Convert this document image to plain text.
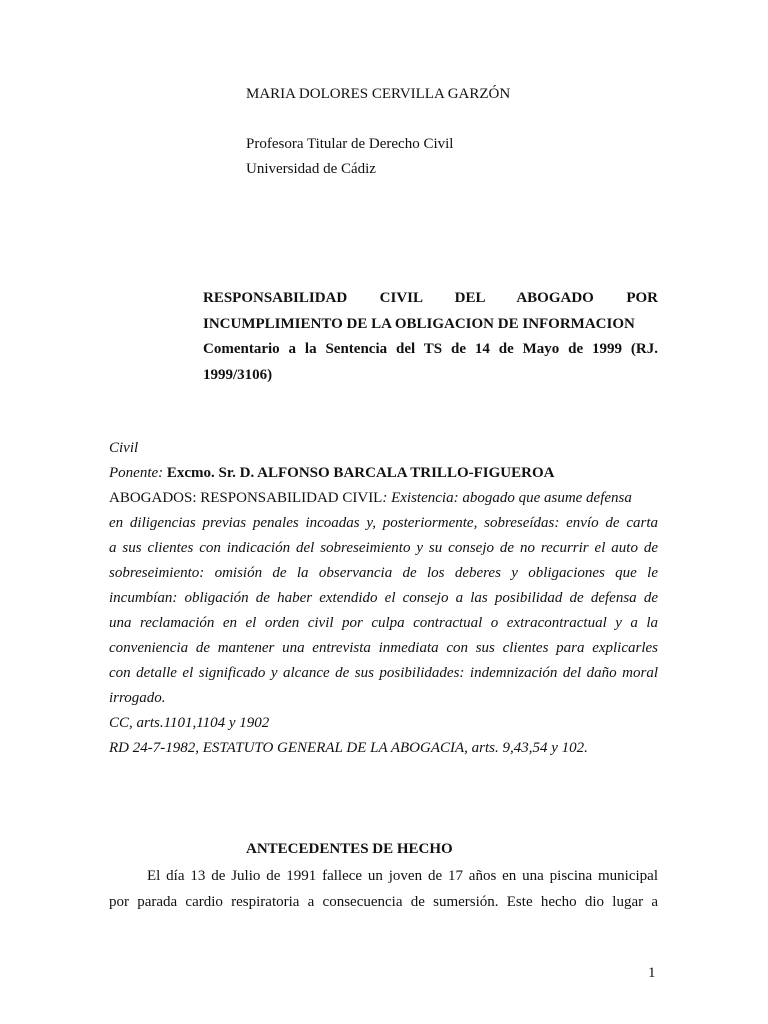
MARIA DOLORES CERVILLA GARZÓN

Profesora Titular de Derecho Civil

Universidad de Cádiz

RESPONSABILIDAD CIVIL DEL ABOGADO POR
INCUMPLIMIENTO DE LA OBLIGACION DE INFORMACION
Comentario a la Sentencia del TS de 14 de Mayo de 1999 (RJ.
1999/3106)
Civil
Ponente: Excmo. Sr. D. ALFONSO BARCALA TRILLO-FIGUEROA
ABOGADOS: RESPONSABILIDAD CIVIL: Existencia: abogado que asume defensa
en diligencias previas penales incoadas y, posteriormente, sobreseídas: envío de carta
a sus clientes con indicación del sobreseimiento y su consejo de no recurrir el auto de
sobreseimiento: omisión de la observancia de los deberes y obligaciones que le
incumbían: obligación de haber extendido el consejo a las posibilidad de defensa de
una reclamación en el orden civil por culpa contractual o extracontractual y a la
conveniencia de mantener una entrevista inmediata con sus clientes para explicarles
con detalle el significado y alcance de sus posibilidades: indemnización del daño moral
irrogado.
CC, arts.1101,1104 y 1902
RD 24-7-1982, ESTATUTO GENERAL DE LA ABOGACIA, arts. 9,43,54 y 102.

ANTECEDENTES DE HECHO

El día 13 de Julio de 1991 fallece un joven de 17 años en una piscina municipal
por parada cardio respiratoria a consecuencia de sumersión. Este hecho dio lugar a

1
